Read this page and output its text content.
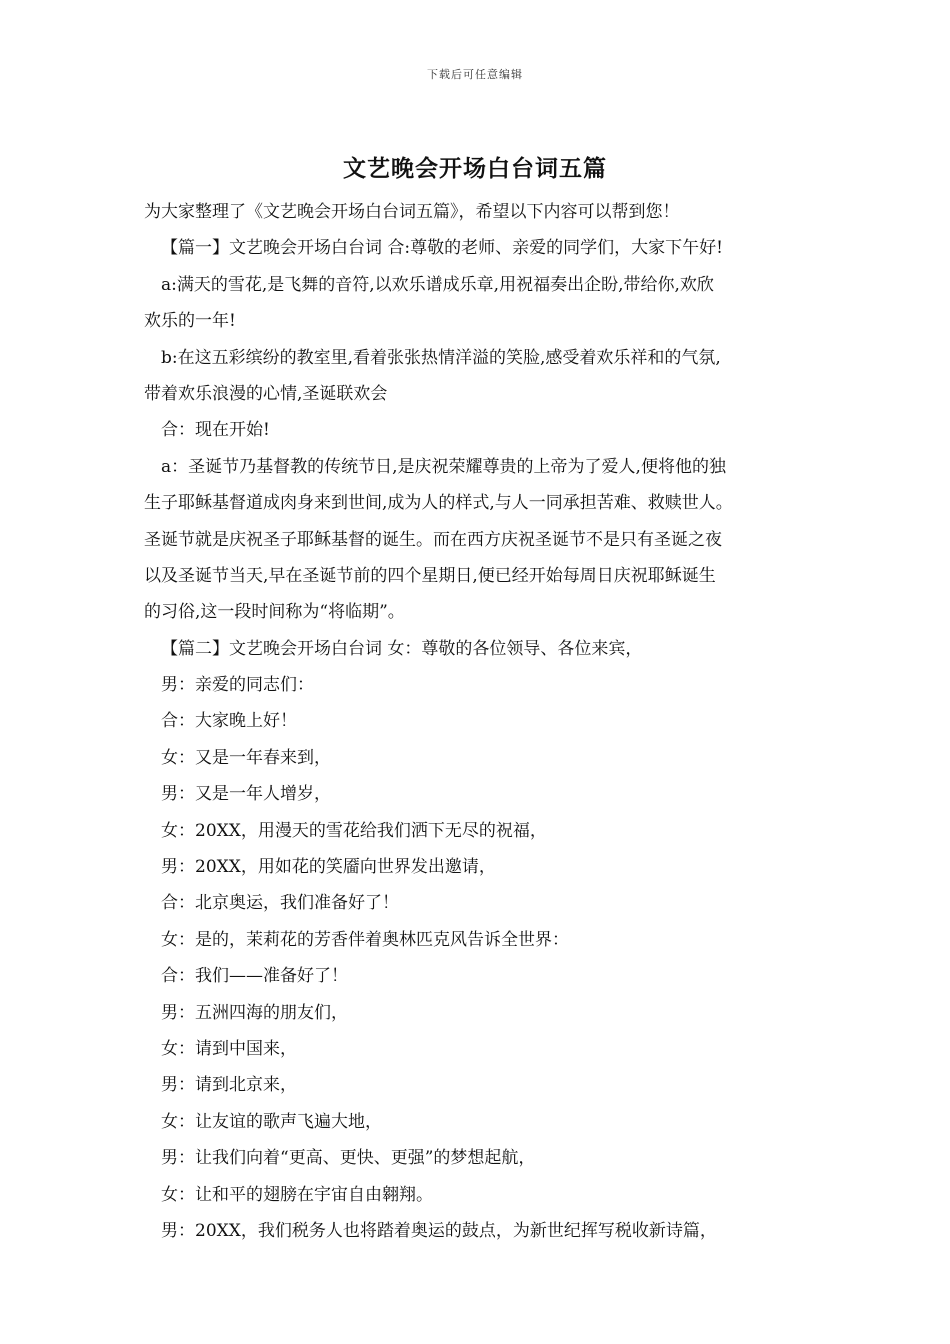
下载后可任意编辑
文艺晚会开场白台词五篇
为大家整理了《文艺晚会开场白台词五篇》，希望以下内容可以帮到您！
【篇一】文艺晚会开场白台词 合:尊敬的老师、亲爱的同学们，大家下午好!
a:满天的雪花,是飞舞的音符,以欢乐谱成乐章,用祝福奏出企盼,带给你,欢欣
欢乐的一年!
b:在这五彩缤纷的教室里,看着张张热情洋溢的笑脸,感受着欢乐祥和的气氛,
带着欢乐浪漫的心情,圣诞联欢会
合：现在开始!
a：圣诞节乃基督教的传统节日,是庆祝荣耀尊贵的上帝为了爱人,便将他的独
生子耶稣基督道成肉身来到世间,成为人的样式,与人一同承担苦难、救赎世人。
圣诞节就是庆祝圣子耶稣基督的诞生。而在西方庆祝圣诞节不是只有圣诞之夜
以及圣诞节当天,早在圣诞节前的四个星期日,便已经开始每周日庆祝耶稣诞生
的习俗,这一段时间称为“将临期”。
【篇二】文艺晚会开场白台词 女：尊敬的各位领导、各位来宾，
男：亲爱的同志们：
合：大家晚上好！
女：又是一年春来到，
男：又是一年人增岁，
女：20XX，用漫天的雪花给我们洒下无尽的祝福，
男：20XX，用如花的笑靥向世界发出邀请，
合：北京奥运，我们准备好了！
女：是的，茉莉花的芳香伴着奥林匹克风告诉全世界：
合：我们——准备好了！
男：五洲四海的朋友们，
女：请到中国来，
男：请到北京来，
女：让友谊的歌声飞遍大地，
男：让我们向着“更高、更快、更强”的梦想起航，
女：让和平的翅膀在宇宙自由翱翔。
男：20XX，我们税务人也将踏着奥运的鼓点，为新世纪挥写税收新诗篇，
